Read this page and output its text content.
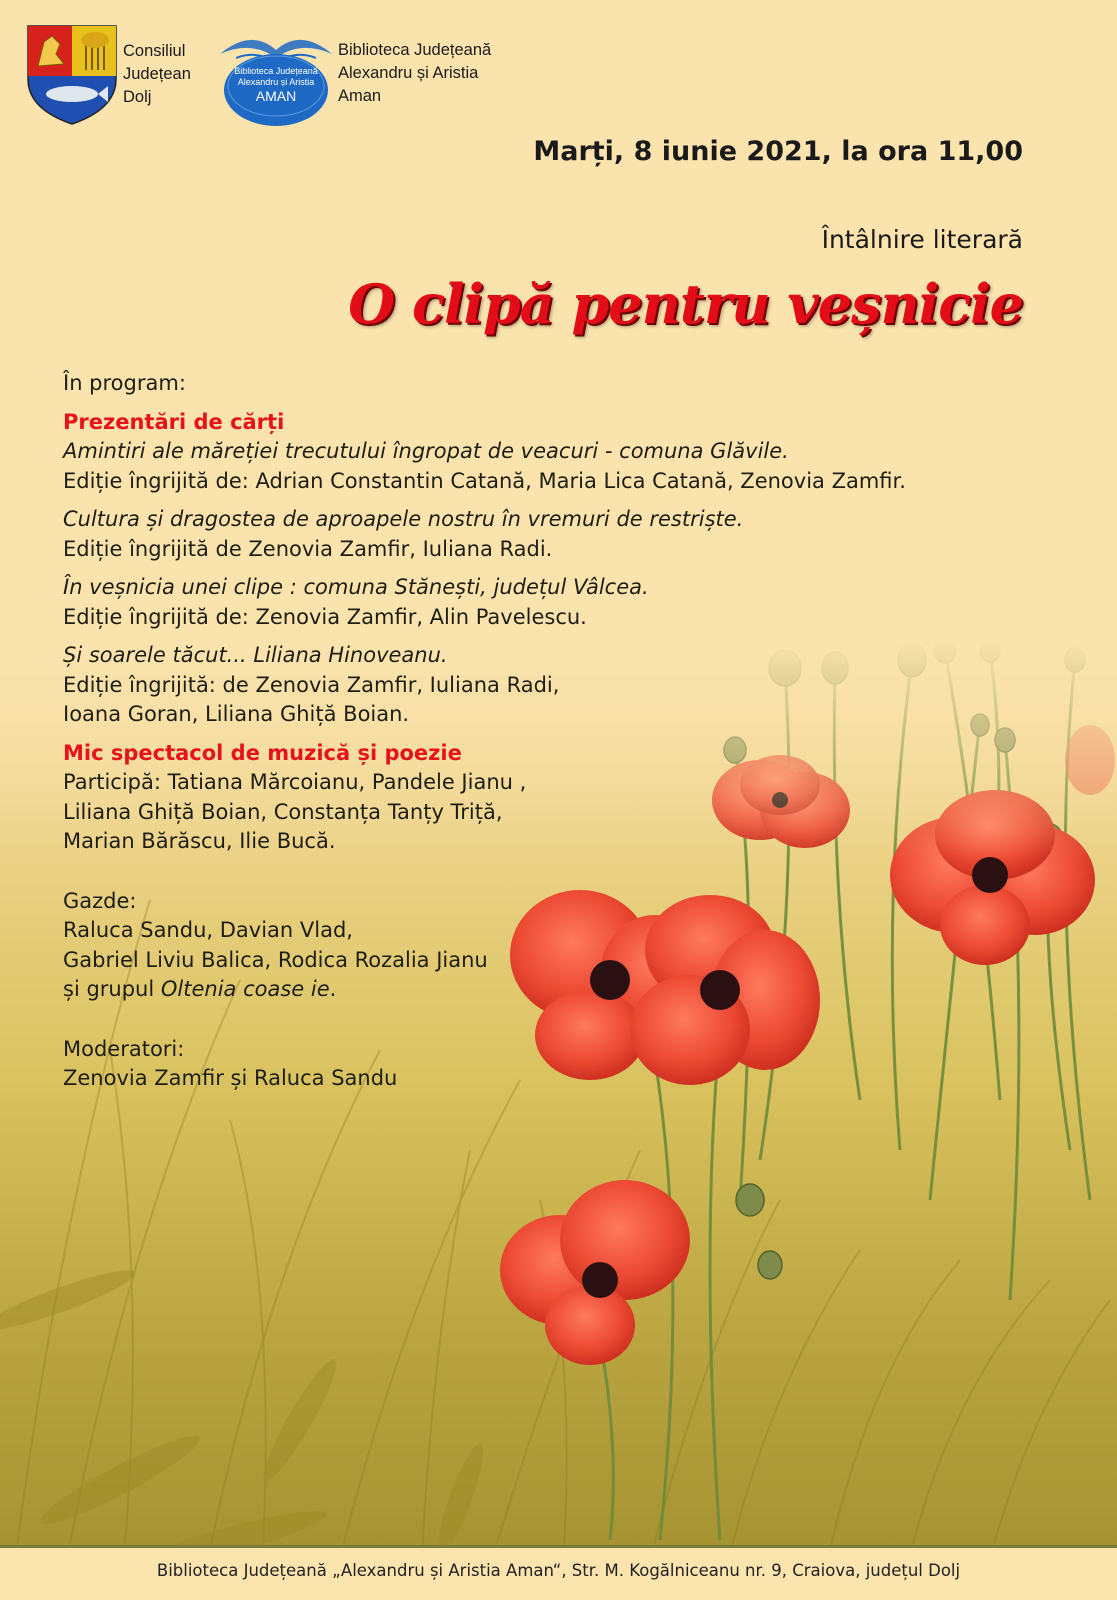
Consiliul
Județean
Dolj
Biblioteca Județeană
Alexandru și Aristia
AMAN
Biblioteca Județeană
Alexandru și Aristia
Aman
Marți, 8 iunie 2021, la ora 11,00
Întâlnire literară
O clipă pentru veșnicie
În program:
Prezentări de cărți
Amintiri ale măreției trecutului îngropat de veacuri - comuna Glăvile.
Ediție îngrijită de: Adrian Constantin Catană, Maria Lica Catană, Zenovia Zamfir.
Cultura și dragostea de aproapele nostru în vremuri de restriște.
Ediție îngrijită de Zenovia Zamfir, Iuliana Radi.
În veșnicia unei clipe : comuna Stănești, județul Vâlcea.
Ediție îngrijită de: Zenovia Zamfir, Alin Pavelescu.
Și soarele tăcut... Liliana Hinoveanu.
Ediție îngrijită: de Zenovia Zamfir, Iuliana Radi,
Ioana Goran, Liliana Ghiță Boian.
Mic spectacol de muzică și poezie
Participă: Tatiana Mărcoianu, Pandele Jianu ,
Liliana Ghiță Boian, Constanța Tanțy Triță,
Marian Bărăscu, Ilie Bucă.
Gazde:
Raluca Sandu, Davian Vlad,
Gabriel Liviu Balica, Rodica Rozalia Jianu
și grupul Oltenia coase ie.
Moderatori:
Zenovia Zamfir și Raluca Sandu
Biblioteca Județeană „Alexandru și Aristia Aman“, Str. M. Kogălniceanu nr. 9, Craiova, județul Dolj
